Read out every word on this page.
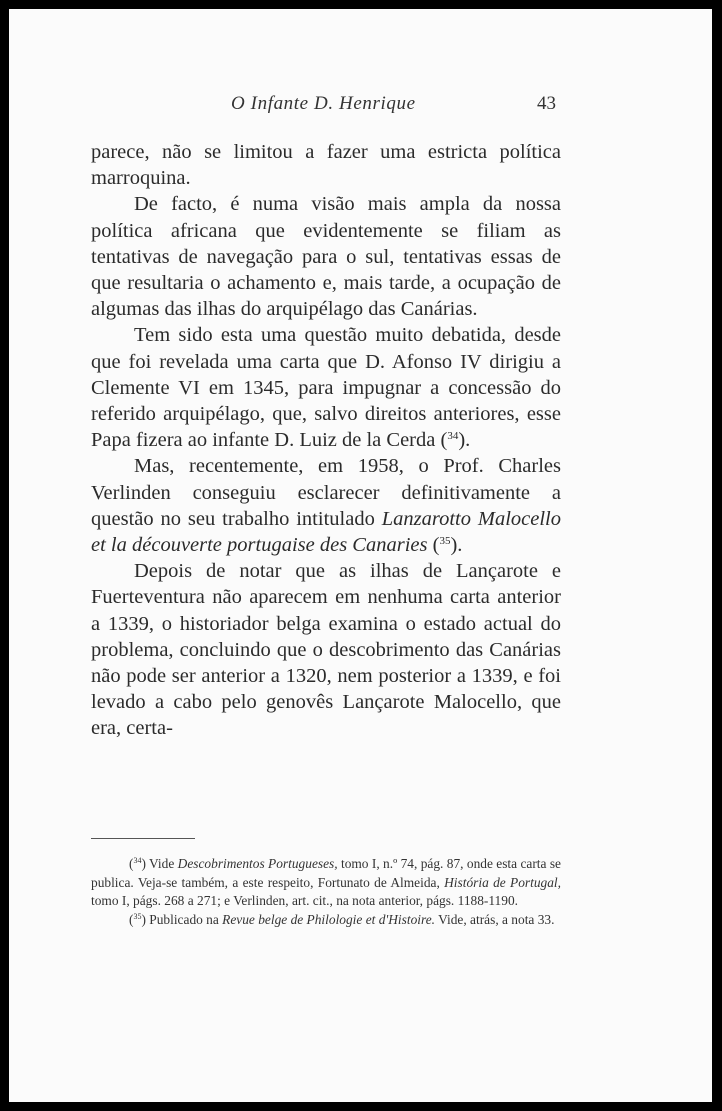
O Infante D. Henrique	43

parece, não se limitou a fazer uma estricta política marroquina.

De facto, é numa visão mais ampla da nossa política africana que evidentemente se filiam as tentativas de navegação para o sul, tentativas essas de que resultaria o achamento e, mais tarde, a ocupação de algumas das ilhas do arquipélago das Canárias.

Tem sido esta uma questão muito debatida, desde que foi revelada uma carta que D. Afonso IV dirigiu a Clemente VI em 1345, para impugnar a concessão do referido arquipélago, que, salvo direitos anteriores, esse Papa fizera ao infante D. Luiz de la Cerda ($^{34}$).

Mas, recentemente, em 1958, o Prof. Charles Verlinden conseguiu esclarecer definitivamente a questão no seu trabalho intitulado Lanzarotto Malocello et la découverte portugaise des Canaries ($^{35}$).

Depois de notar que as ilhas de Lançarote e Fuerteventura não aparecem em nenhuma carta anterior a 1339, o historiador belga examina o estado actual do problema, concluindo que o descobrimento das Canárias não pode ser anterior a 1320, nem posterior a 1339, e foi levado a cabo pelo genovês Lançarote Malocello, que era, certa-

($^{34}$) Vide Descobrimentos Portugueses, tomo I, n.º 74, pág. 87, onde esta carta se publica. Veja-se também, a este respeito, Fortunato de Almeida, História de Portugal, tomo I, págs. 268 a 271; e Verlinden, art. cit., na nota anterior, págs. 1188-1190.

($^{35}$) Publicado na Revue belge de Philologie et d'Histoire. Vide, atrás, a nota 33.
